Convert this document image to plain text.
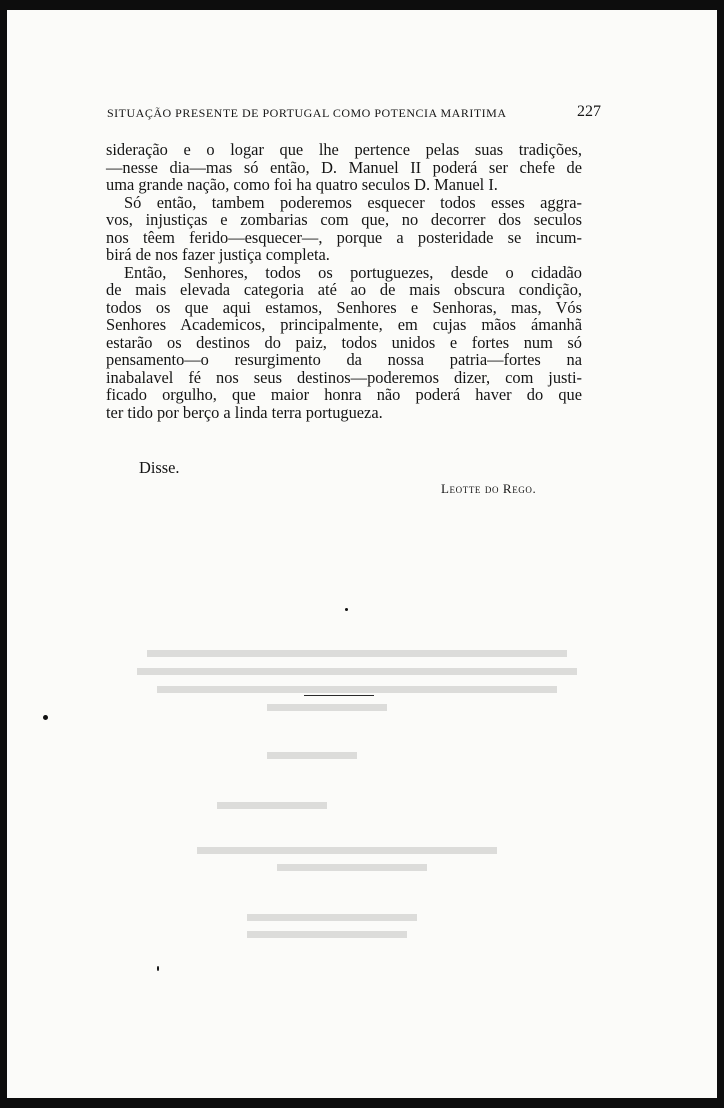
SITUAÇÃO PRESENTE DE PORTUGAL COMO POTENCIA MARITIMA	227
sideração e o logar que lhe pertence pelas suas tradições,
—nesse dia—mas só então, D. Manuel II poderá ser chefe de
uma grande nação, como foi ha quatro seculos D. Manuel I.
Só então, tambem poderemos esquecer todos esses aggra-
vos, injustiças e zombarias com que, no decorrer dos seculos
nos têem ferido—esquecer—, porque a posteridade se incum-
birá de nos fazer justiça completa.
Então, Senhores, todos os portuguezes, desde o cidadão
de mais elevada categoria até ao de mais obscura condição,
todos os que aqui estamos, Senhores e Senhoras, mas, Vós
Senhores Academicos, principalmente, em cujas mãos ámanhã
estarão os destinos do paiz, todos unidos e fortes num só
pensamento—o resurgimento da nossa patria—fortes na
inabalavel fé nos seus destinos—poderemos dizer, com justi-
ficado orgulho, que maior honra não poderá haver do que
ter tido por berço a linda terra portugueza.
Disse.
Leotte do Rego.
